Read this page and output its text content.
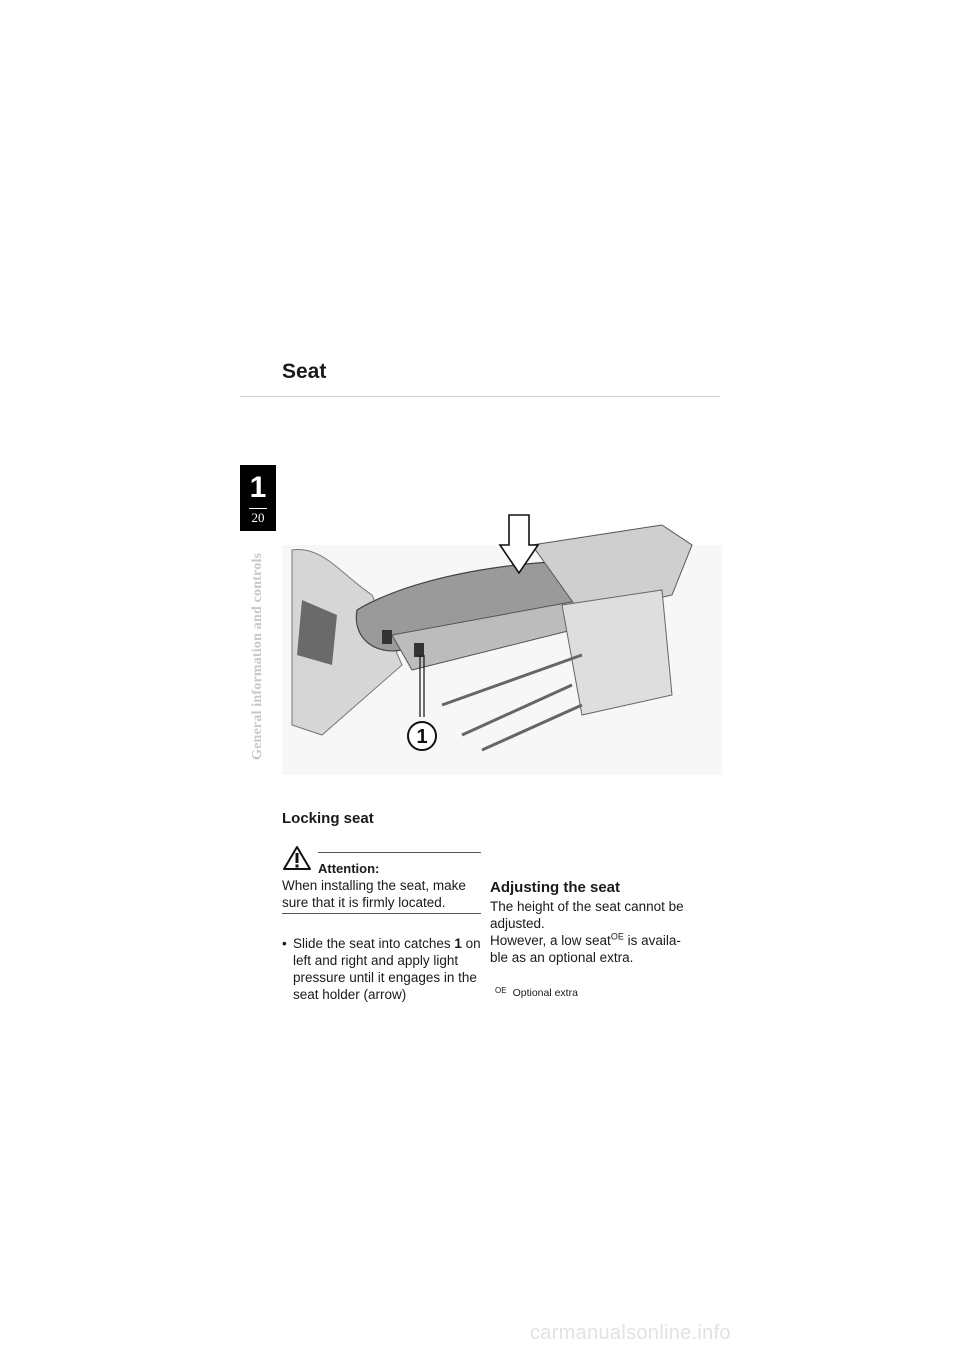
Seat
1
20
General information and controls	1
Locking seat
Attention:
When installing the seat, make sure that it is firmly located.
• Slide the seat into catches 1 on left and right and apply light pressure until it engages in the seat holder (arrow)
Adjusting the seat
The height of the seat cannot be adjusted.
However, a low seat$^{OE}$ is availa-ble as an optional extra.
$^{OE}$ Optional extra
carmanualsonline.info
